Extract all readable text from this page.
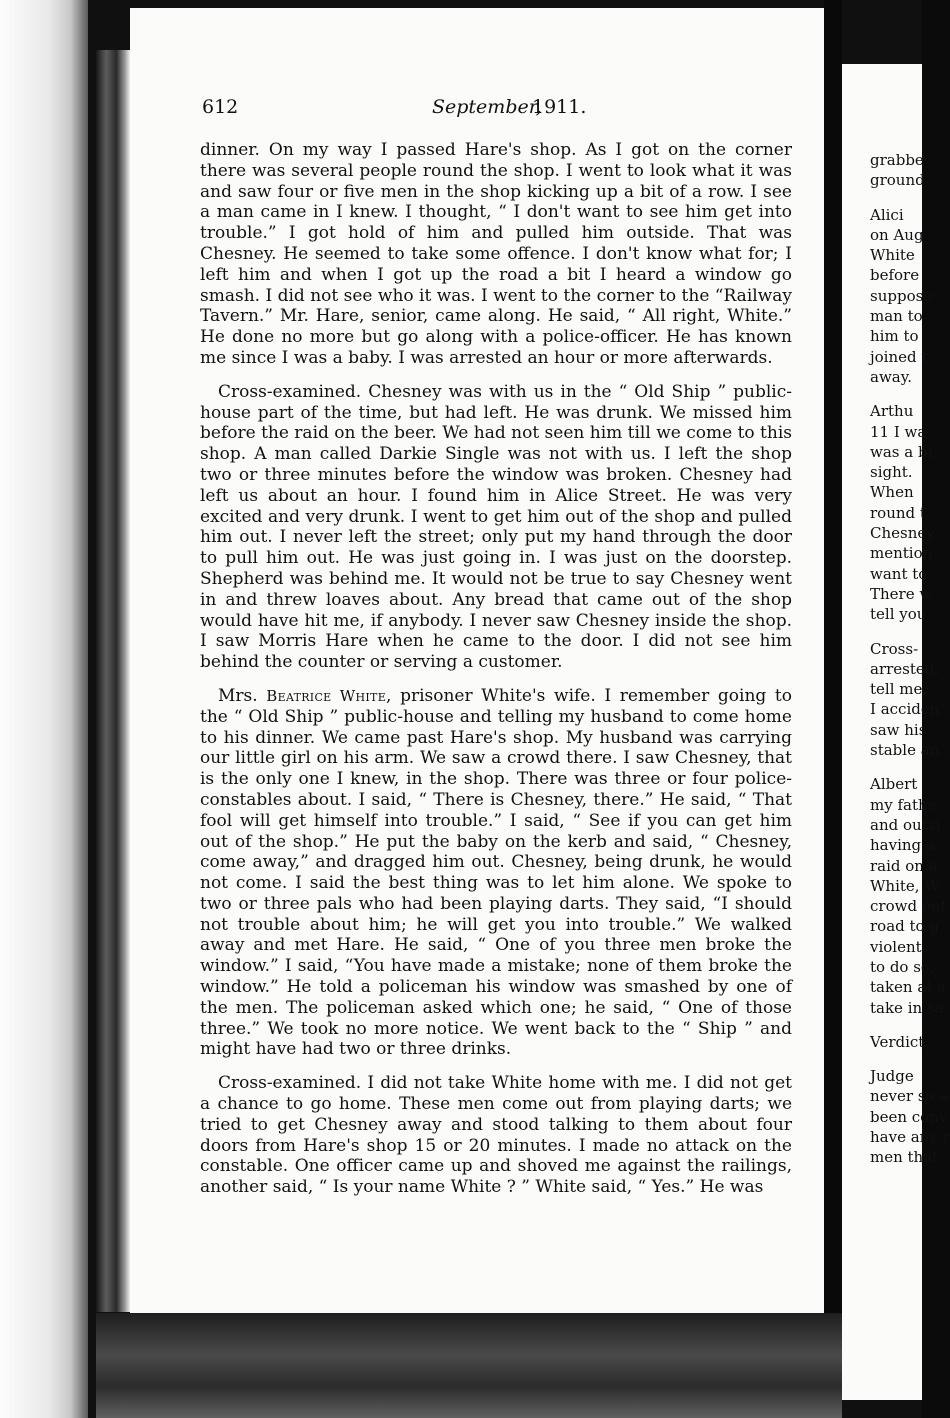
612	September,
1911.

dinner. On my way I passed Hare's shop. As I got on the corner there was several people round the shop. I went to look what it was and saw four or five men in the shop kicking up a bit of a row. I see a man came in I knew. I thought, “ I don't want to see him get into trouble.” I got hold of him and pulled him outside. That was Chesney. He seemed to take some offence. I don't know what for; I left him and when I got up the road a bit I heard a window go smash. I did not see who it was. I went to the corner to the “Railway Tavern.” Mr. Hare, senior, came along. He said, “ All right, White.” He done no more but go along with a police-officer. He has known me since I was a baby. I was arrested an hour or more afterwards.

Cross-examined. Chesney was with us in the “ Old Ship ” public-house part of the time, but had left. He was drunk. We missed him before the raid on the beer. We had not seen him till we come to this shop. A man called Darkie Single was not with us. I left the shop two or three minutes before the window was broken. Chesney had left us about an hour. I found him in Alice Street. He was very excited and very drunk. I went to get him out of the shop and pulled him out. I never left the street; only put my hand through the door to pull him out. He was just going in. I was just on the doorstep. Shepherd was behind me. It would not be true to say Chesney went in and threw loaves about. Any bread that came out of the shop would have hit me, if anybody. I never saw Chesney inside the shop. I saw Morris Hare when he came to the door. I did not see him behind the counter or serving a customer.

Mrs. Beatrice White, prisoner White's wife. I remember going to the “ Old Ship ” public-house and telling my husband to come home to his dinner. We came past Hare's shop. My husband was carrying our little girl on his arm. We saw a crowd there. I saw Chesney, that is the only one I knew, in the shop. There was three or four police-constables about. I said, “ There is Chesney, there.” He said, “ That fool will get himself into trouble.” I said, “ See if you can get him out of the shop.” He put the baby on the kerb and said, “ Chesney, come away,” and dragged him out. Chesney, being drunk, he would not come. I said the best thing was to let him alone. We spoke to two or three pals who had been playing darts. They said, “I should not trouble about him; he will get you into trouble.” We walked away and met Hare. He said, “ One of you three men broke the window.” I said, “You have made a mistake; none of them broke the window.” He told a policeman his window was smashed by one of the men. The policeman asked which one; he said, “ One of those three.” We took no more notice. We went back to the “ Ship ” and might have had two or three drinks.

Cross-examined. I did not take White home with me. I did not get a chance to go home. These men come out from playing darts; we tried to get Chesney away and stood talking to them about four doors from Hare's shop 15 or 20 minutes. I made no attack on the constable. One officer came up and shoved me against the railings, another said, “ Is your name White ? ” White said, “ Yes.” He was

grabbe
ground
Alici
on Aug
White
before
suppose
man to
him to
joined t
away.
Arthu
11 I wa
was a bi
sight.
When
round t
Chesney
mention
want to
There w
tell you
Cross-
arrested.
tell me.
I acciden
saw his
stable an
Albert
my fathe
and outsi
having a
raid on a
White, W
crowd out
road to g
violent;
to do so,
taken at a
take in sa
Verdict,
Judge
never so a
been conv
have any r
men that
